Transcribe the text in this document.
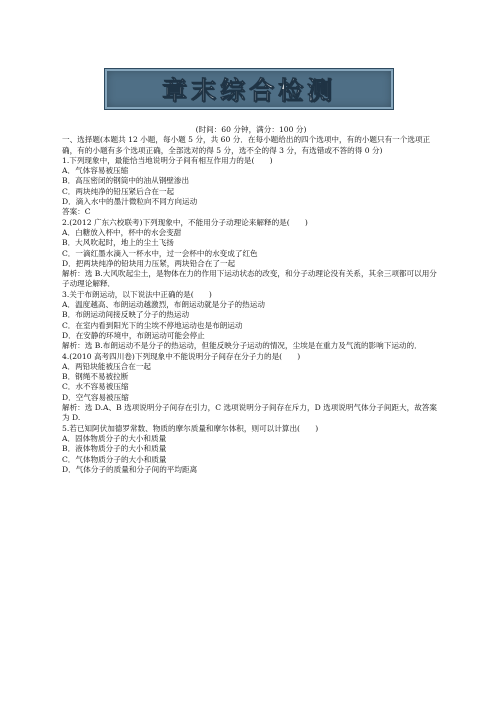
章末综合检测

(时间：60 分钟，满分：100 分)

一、选择题(本题共 12 小题，每小题 5 分，共 60 分．在每小题给出的四个选项中，有的小题只有一个选项正确，有的小题有多个选项正确，全部选对的得 5 分，选不全的得 3 分，有选错或不答的得 0 分)

1.下列现象中，最能恰当地说明分子间有相互作用力的是(　　)

A．气体容易被压缩

B．高压密闭的钢筒中的油从钢壁渗出

C．两块纯净的铅压紧后合在一起

D．滴入水中的墨汁微粒向不同方向运动

答案：C

2.(2012 广东六校联考)下列现象中，不能用分子动理论来解释的是(　　)

A．白糖放入杯中，杯中的水会变甜

B．大风吹起时，地上的尘土飞扬

C．一滴红墨水滴入一杯水中，过一会杯中的水变成了红色

D．把两块纯净的铅块用力压紧，两块铅合在了一起

解析：选 B.大风吹起尘土，是物体在力的作用下运动状态的改变，和分子动理论没有关系，其余三项都可以用分子动理论解释．

3.关于布朗运动，以下说法中正确的是(　　)

A．温度越高、布朗运动越激烈，布朗运动就是分子的热运动

B．布朗运动间接反映了分子的热运动

C．在室内看到阳光下的尘埃不停地运动也是布朗运动

D．在安静的环境中，布朗运动可能会停止

解析：选 B.布朗运动不是分子的热运动，但能反映分子运动的情况，尘埃是在重力及气流的影响下运动的．

4.(2010 高考四川卷)下列现象中不能说明分子间存在分子力的是(　　)

A．两铅块能被压合在一起

B．钢绳不易被拉断

C．水不容易被压缩

D．空气容易被压缩

解析：选 D.A、B 选项说明分子间存在引力，C 选项说明分子间存在斥力，D 选项说明气体分子间距大，故答案为 D.

5.若已知阿伏加德罗常数、物质的摩尔质量和摩尔体积，则可以计算出(　　)

A．固体物质分子的大小和质量

B．液体物质分子的大小和质量

C．气体物质分子的大小和质量

D．气体分子的质量和分子间的平均距离
